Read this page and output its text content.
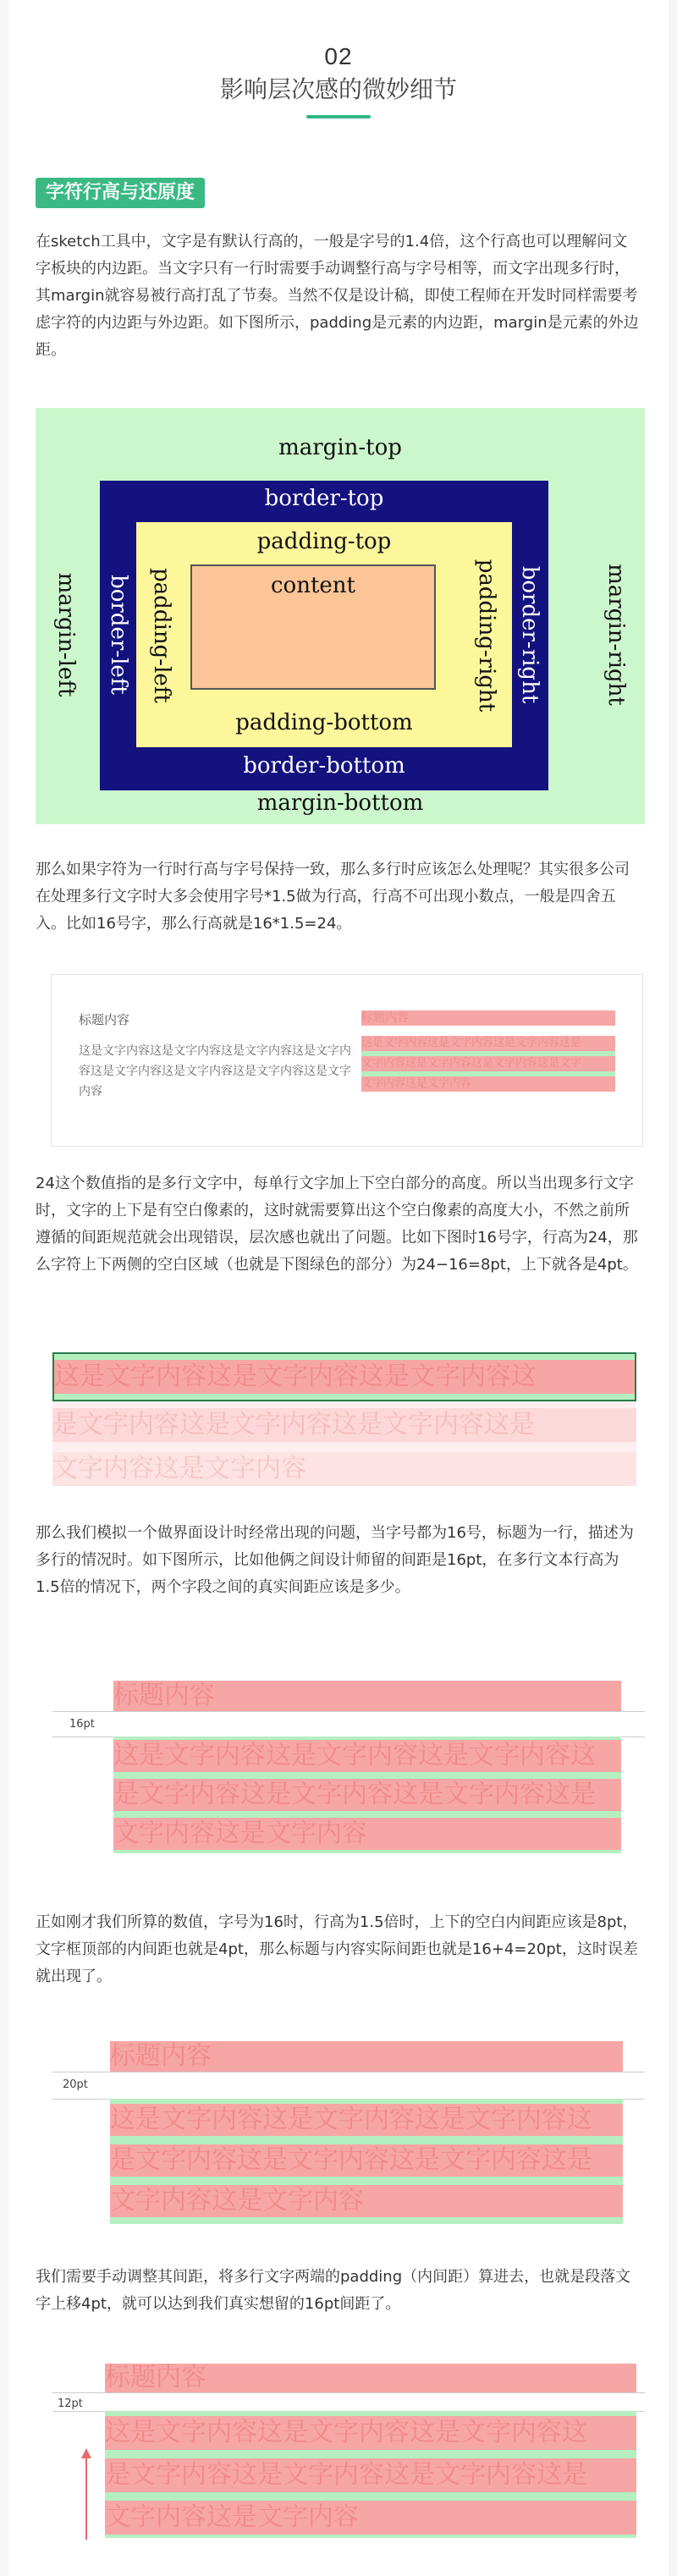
02
影响层次感的微妙细节
字符行高与还原度

在sketch工具中，文字是有默认行高的，一般是字号的1.4倍，这个行高也可以理解问文字板块的内边距。当文字只有一行时需要手动调整行高与字号相等，而文字出现多行时，其margin就容易被行高打乱了节奏。当然不仅是设计稿，即使工程师在开发时同样需要考虑字符的内边距与外边距。如下图所示，padding是元素的内边距，margin是元素的外边距。

margin-top
margin-bottom
margin-left	margin-right
border-top
border-bottom
border-left	border-right
padding-top
padding-bottom
padding-left	padding-right
content

那么如果字符为一行时行高与字号保持一致，那么多行时应该怎么处理呢？其实很多公司在处理多行文字时大多会使用字号*1.5做为行高，行高不可出现小数点，一般是四舍五入。比如16号字，那么行高就是16*1.5=24。

标题内容
这是文字内容这是文字内容这是文字内容这是文字内容这是文字内容这是文字内容这是文字内容这是文字内容
标题内容
这是文字内容这是文字内容这是文字内容这是
文字内容这是文字内容这是文字内容这是文字
文字内容这是文字内容

24这个数值指的是多行文字中，每单行文字加上下空白部分的高度。所以当出现多行文字时，文字的上下是有空白像素的，这时就需要算出这个空白像素的高度大小，不然之前所遵循的间距规范就会出现错误，层次感也就出了问题。比如下图时16号字，行高为24，那么字符上下两侧的空白区域（也就是下图绿色的部分）为24−16=8pt，上下就各是4pt。

这是文字内容这是文字内容这是文字内容这
是文字内容这是文字内容这是文字内容这是
文字内容这是文字内容

那么我们模拟一个做界面设计时经常出现的问题，当字号都为16号，标题为一行，描述为多行的情况时。如下图所示，比如他俩之间设计师留的间距是16pt，在多行文本行高为1.5倍的情况下，两个字段之间的真实间距应该是多少。

标题内容
16pt
这是文字内容这是文字内容这是文字内容这
是文字内容这是文字内容这是文字内容这是
文字内容这是文字内容

正如刚才我们所算的数值，字号为16时，行高为1.5倍时，上下的空白内间距应该是8pt，文字框顶部的内间距也就是4pt，那么标题与内容实际间距也就是16+4=20pt，这时误差就出现了。

标题内容
20pt
这是文字内容这是文字内容这是文字内容这
是文字内容这是文字内容这是文字内容这是
文字内容这是文字内容

我们需要手动调整其间距，将多行文字两端的padding（内间距）算进去，也就是段落文字上移4pt，就可以达到我们真实想留的16pt间距了。

标题内容
12pt
这是文字内容这是文字内容这是文字内容这
是文字内容这是文字内容这是文字内容这是
文字内容这是文字内容
